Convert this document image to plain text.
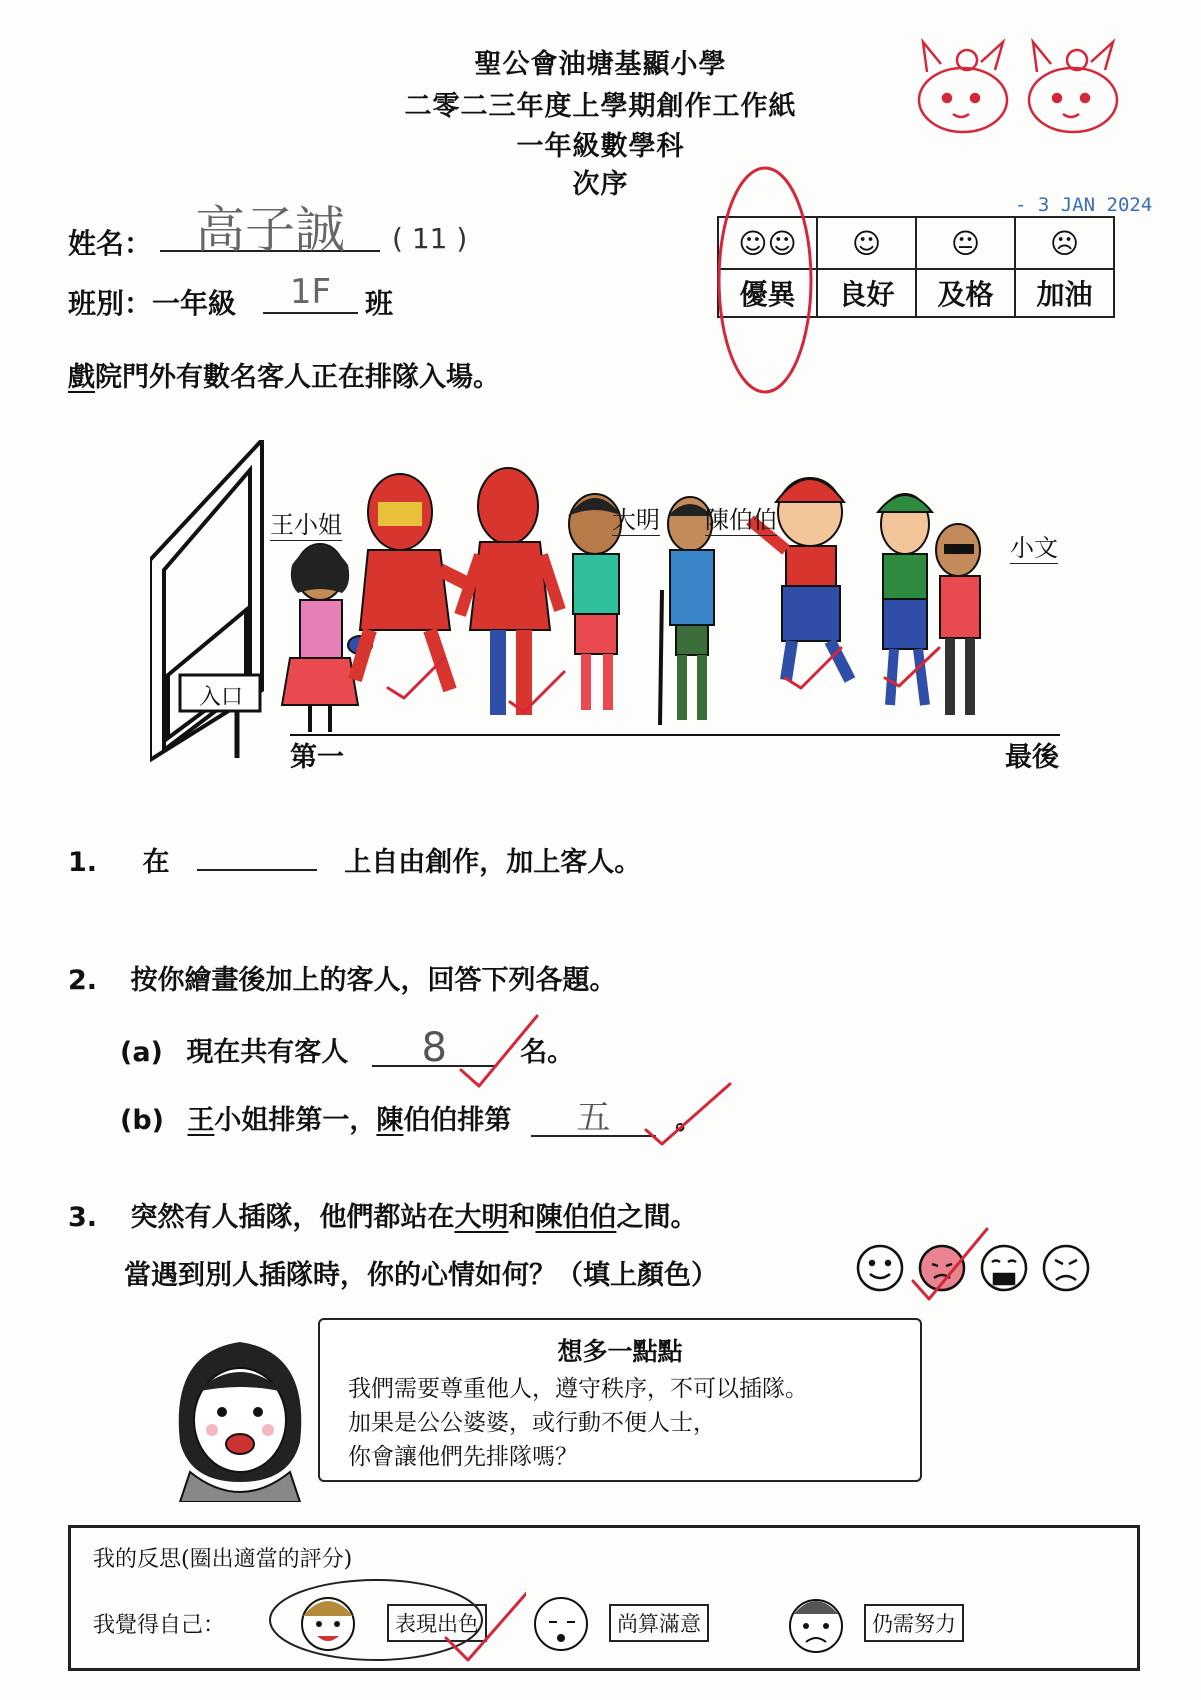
聖公會油塘基顯小學
二零二三年度上學期創作工作紙
一年級數學科
次序
- 3 JAN 2024
姓名： 高子誠	( 11 )
班別：一年級	1F	班
☺☺	☺	😐	☹
優異	良好	及格	加油
戲院門外有數名客人正在排隊入場。
入口
王小姐	大明 陳伯伯
小文
第一	最後
1. 在	上自由創作，加上客人。
2. 按你繪畫後加上的客人，回答下列各題。
(a) 現在共有客人 8	名。
(b) 王小姐排第一，陳伯伯排第 五 。
3. 突然有人插隊，他們都站在大明和陳伯伯之間。
當遇到別人插隊時，你的心情如何？（填上顏色）
想多一點點
我們需要尊重他人，遵守秩序，不可以插隊。
加果是公公婆婆，或行動不便人士，
你會讓他們先排隊嗎？
我的反思(圈出適當的評分)
我覺得自己：	表現出色	尚算滿意	仍需努力
